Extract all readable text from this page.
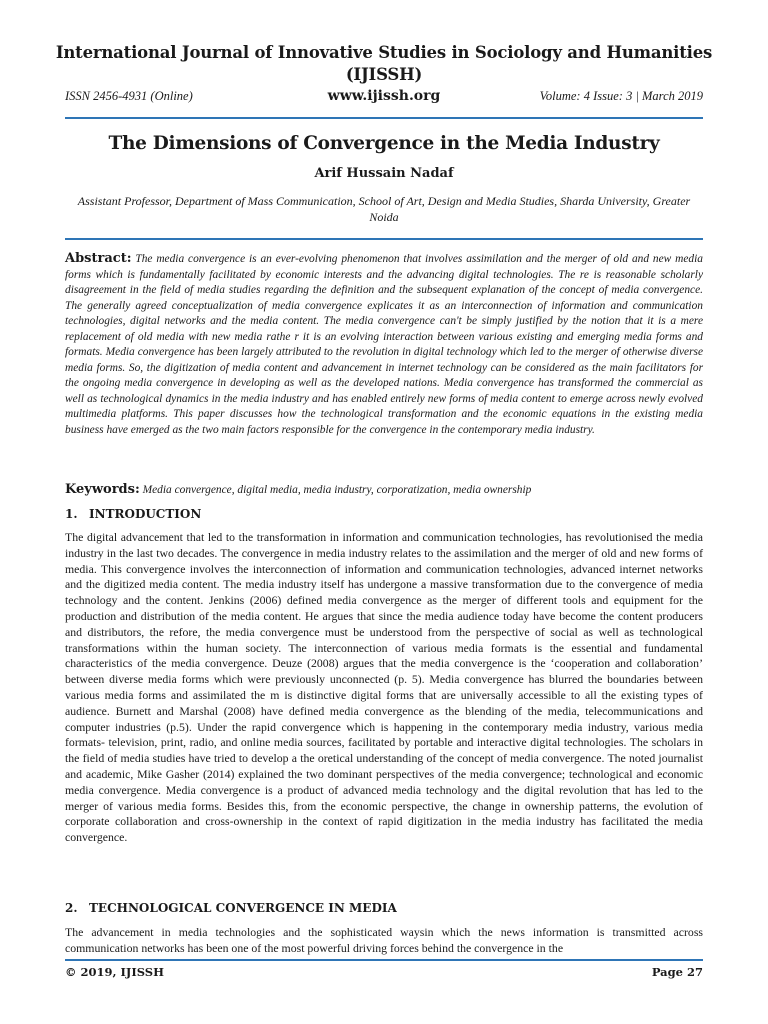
International Journal of Innovative Studies in Sociology and Humanities
(IJISSH)
ISSN 2456-4931 (Online)	www.ijissh.org	Volume: 4 Issue: 3 | March 2019
The Dimensions of Convergence in the Media Industry
Arif Hussain Nadaf
Assistant Professor, Department of Mass Communication, School of Art, Design and Media Studies, Sharda University, Greater Noida
Abstract: The media convergence is an ever-evolving phenomenon that involves assimilation and the merger of old and new media forms which is fundamentally facilitated by economic interests and the advancing digital technologies. The re is reasonable scholarly disagreement in the field of media studies regarding the definition and the subsequent explanation of the concept of media convergence. The generally agreed conceptualization of media convergence explicates it as an interconnection of information and communication technologies, digital networks and the media content. The media convergence can't be simply justified by the notion that it is a mere replacement of old media with new media rathe r it is an evolving interaction between various existing and emerging media forms and formats. Media convergence has been largely attributed to the revolution in digital technology which led to the merger of otherwise diverse media forms. So, the digitization of media content and advancement in internet technology can be considered as the main facilitators for the ongoing media convergence in developing as well as the developed nations. Media convergence has transformed the commercial as well as technological dynamics in the media industry and has enabled entirely new forms of media content to emerge across newly evolved multimedia platforms. This paper discusses how the technological transformation and the economic equations in the existing media business have emerged as the two main factors responsible for the convergence in the contemporary media industry.
Keywords: Media convergence, digital media, media industry, corporatization, media ownership
1. INTRODUCTION
The digital advancement that led to the transformation in information and communication technologies, has revolutionised the media industry in the last two decades. The convergence in media industry relates to the assimilation and the merger of old and new forms of media. This convergence involves the interconnection of information and communication technologies, advanced internet networks and the digitized media content. The media industry itself has undergone a massive transformation due to the convergence of media technology and the content. Jenkins (2006) defined media convergence as the merger of different tools and equipment for the production and distribution of the media content. He argues that since the media audience today have become the content producers and distributors, the refore, the media convergence must be understood from the perspective of social as well as technological transformations within the human society. The interconnection of various media formats is the essential and fundamental characteristics of the media convergence. Deuze (2008) argues that the media convergence is the ‘cooperation and collaboration’ between diverse media forms which were previously unconnected (p. 5). Media convergence has blurred the boundaries between various media forms and assimilated the m is distinctive digital forms that are universally accessible to all the existing types of audience. Burnett and Marshal (2008) have defined media convergence as the blending of the media, telecommunications and computer industries (p.5). Under the rapid convergence which is happening in the contemporary media industry, various media formats- television, print, radio, and online media sources, facilitated by portable and interactive digital technologies. The scholars in the field of media studies have tried to develop a the oretical understanding of the concept of media convergence. The noted journalist and academic, Mike Gasher (2014) explained the two dominant perspectives of the media convergence; technological and economic media convergence. Media convergence is a product of advanced media technology and the digital revolution that has led to the merger of various media forms. Besides this, from the economic perspective, the change in ownership patterns, the evolution of corporate collaboration and cross-ownership in the context of rapid digitization in the media industry has facilitated the media convergence.
2. TECHNOLOGICAL CONVERGENCE IN MEDIA
The advancement in media technologies and the sophisticated waysin which the news information is transmitted across communication networks has been one of the most powerful driving forces behind the convergence in the
© 2019, IJISSH	Page 27
